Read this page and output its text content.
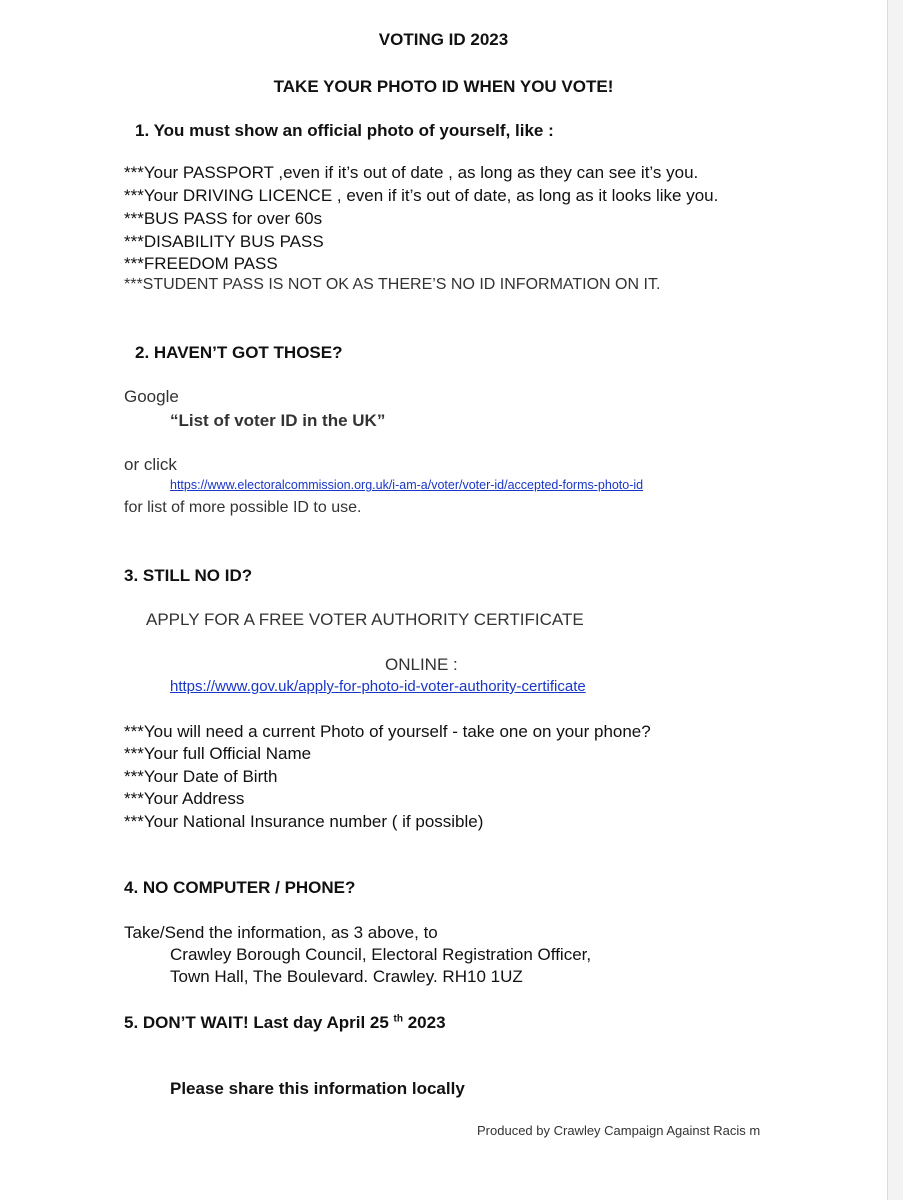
VOTING ID 2023
TAKE YOUR PHOTO ID WHEN YOU VOTE!
1. You must show an official photo of yourself, like :
***Your PASSPORT ,even if it’s out of date , as long as they can see it’s you.
***Your DRIVING LICENCE , even if it’s out of date, as long as it looks like you.
***BUS PASS for over 60s
***DISABILITY BUS PASS
***FREEDOM PASS
***STUDENT PASS IS NOT OK AS THERE’S NO ID INFORMATION ON IT.
2. HAVEN’T GOT THOSE?
Google
“List of voter ID in the UK”
or click
https://www.electoralcommission.org.uk/i-am-a/voter/voter-id/accepted-forms-photo-id
for list of more possible ID to use.
3. STILL NO ID?
APPLY FOR A FREE VOTER AUTHORITY CERTIFICATE
ONLINE :
https://www.gov.uk/apply-for-photo-id-voter-authority-certificate
***You will need a current Photo of yourself - take one on your phone?
***Your full Official Name
***Your Date of Birth
***Your Address
***Your National Insurance number ( if possible)
4. NO COMPUTER / PHONE?
Take/Send the information, as 3 above, to
Crawley Borough Council, Electoral Registration Officer,
Town Hall, The Boulevard. Crawley. RH10 1UZ
5. DON’T WAIT! Last day April 25 $^{th}$ 2023
Please share this information locally
Produced by Crawley Campaign Against Racis m
